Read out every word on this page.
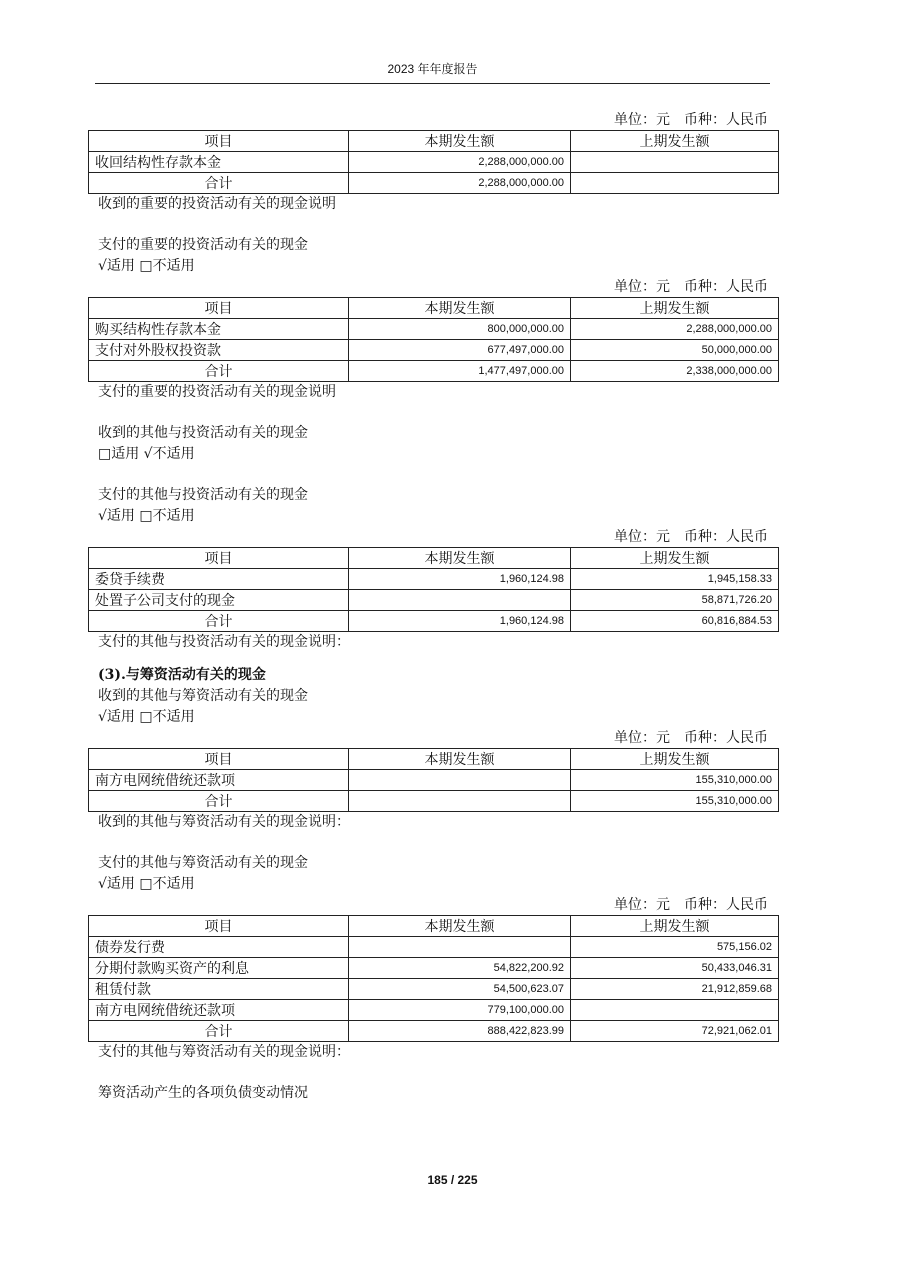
2023 年年度报告
单位：元　币种：人民币
项目	本期发生额	上期发生额
收回结构性存款本金	2,288,000,000.00	
合计	2,288,000,000.00	
收到的重要的投资活动有关的现金说明
支付的重要的投资活动有关的现金
√适用 □不适用
单位：元　币种：人民币
项目	本期发生额	上期发生额
购买结构性存款本金	800,000,000.00	2,288,000,000.00
支付对外股权投资款	677,497,000.00	50,000,000.00
合计	1,477,497,000.00	2,338,000,000.00
支付的重要的投资活动有关的现金说明
收到的其他与投资活动有关的现金
□适用 √不适用
支付的其他与投资活动有关的现金
√适用 □不适用
单位：元　币种：人民币
项目	本期发生额	上期发生额
委贷手续费	1,960,124.98	1,945,158.33
处置子公司支付的现金		58,871,726.20
合计	1,960,124.98	60,816,884.53
支付的其他与投资活动有关的现金说明：
(3).与筹资活动有关的现金
收到的其他与筹资活动有关的现金
√适用 □不适用
单位：元　币种：人民币
项目	本期发生额	上期发生额
南方电网统借统还款项		155,310,000.00
合计		155,310,000.00
收到的其他与筹资活动有关的现金说明：
支付的其他与筹资活动有关的现金
√适用 □不适用
单位：元　币种：人民币
项目	本期发生额	上期发生额
债券发行费		575,156.02
分期付款购买资产的利息	54,822,200.92	50,433,046.31
租赁付款	54,500,623.07	21,912,859.68
南方电网统借统还款项	779,100,000.00	
合计	888,422,823.99	72,921,062.01
支付的其他与筹资活动有关的现金说明：
筹资活动产生的各项负债变动情况
185 / 225
